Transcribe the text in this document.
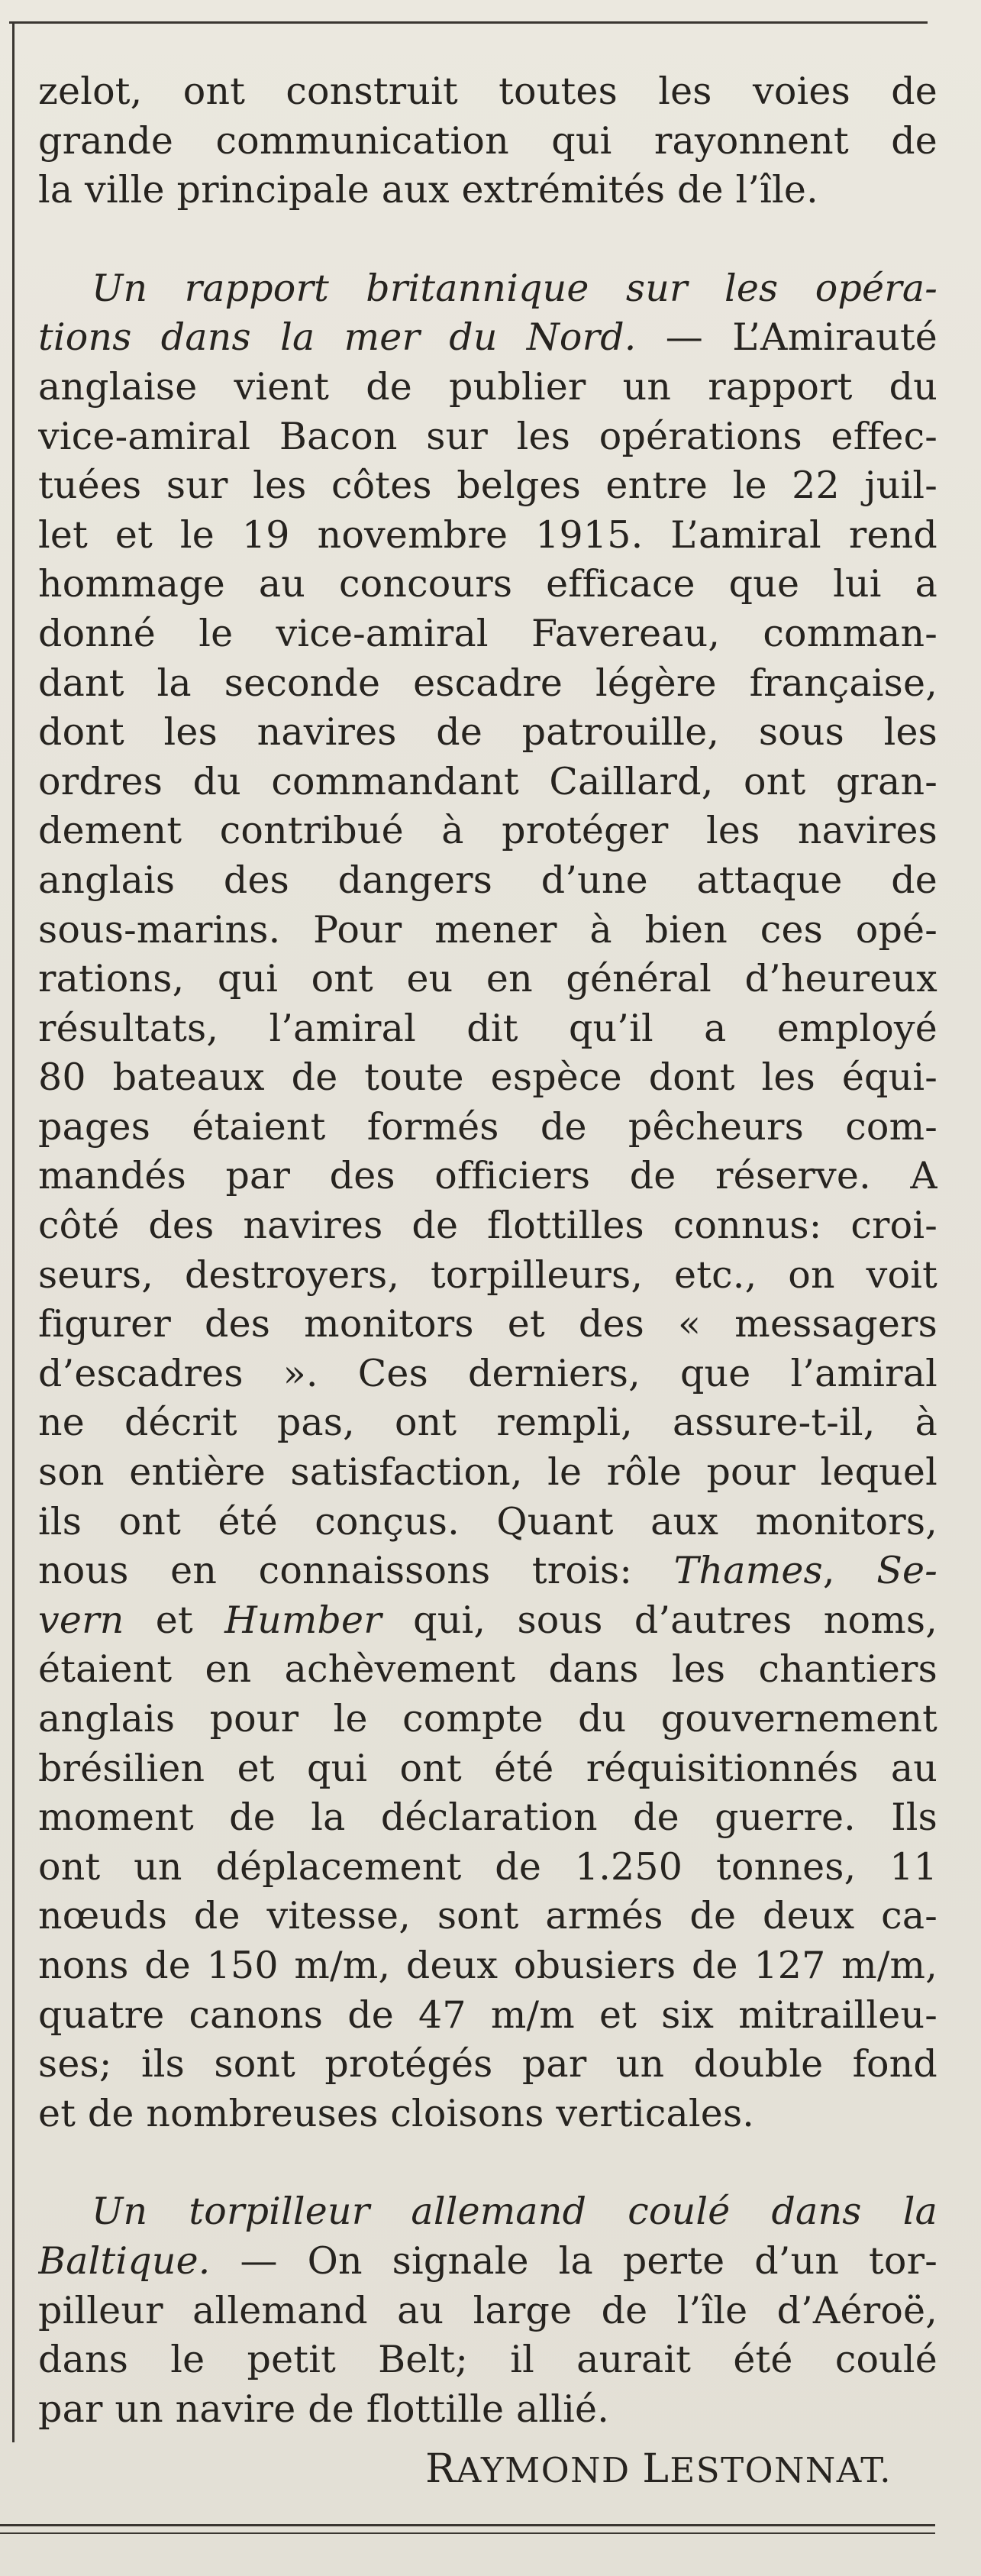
zelot, ont construit toutes les voies de
grande communication qui rayonnent de
la ville principale aux extrémités de l’île.

Un rapport britannique sur les opéra-
tions dans la mer du Nord. — L’Amirauté
anglaise vient de publier un rapport du
vice-amiral Bacon sur les opérations effec-
tuées sur les côtes belges entre le 22 juil-
let et le 19 novembre 1915. L’amiral rend
hommage au concours efficace que lui a
donné le vice-amiral Favereau, comman-
dant la seconde escadre légère française,
dont les navires de patrouille, sous les
ordres du commandant Caillard, ont gran-
dement contribué à protéger les navires
anglais des dangers d’une attaque de
sous-marins. Pour mener à bien ces opé-
rations, qui ont eu en général d’heureux
résultats, l’amiral dit qu’il a employé
80 bateaux de toute espèce dont les équi-
pages étaient formés de pêcheurs com-
mandés par des officiers de réserve. A
côté des navires de flottilles connus: croi-
seurs, destroyers, torpilleurs, etc., on voit
figurer des monitors et des « messagers
d’escadres ». Ces derniers, que l’amiral
ne décrit pas, ont rempli, assure-t-il, à
son entière satisfaction, le rôle pour lequel
ils ont été conçus. Quant aux monitors,
nous en connaissons trois: Thames, Se-
vern et Humber qui, sous d’autres noms,
étaient en achèvement dans les chantiers
anglais pour le compte du gouvernement
brésilien et qui ont été réquisitionnés au
moment de la déclaration de guerre. Ils
ont un déplacement de 1.250 tonnes, 11
nœuds de vitesse, sont armés de deux ca-
nons de 150 m/m, deux obusiers de 127 m/m,
quatre canons de 47 m/m et six mitrailleu-
ses; ils sont protégés par un double fond
et de nombreuses cloisons verticales.

Un torpilleur allemand coulé dans la
Baltique. — On signale la perte d’un tor-
pilleur allemand au large de l’île d’Aéroë,
dans le petit Belt; il aurait été coulé
par un navire de flottille allié.

RAYMOND LESTONNAT.
